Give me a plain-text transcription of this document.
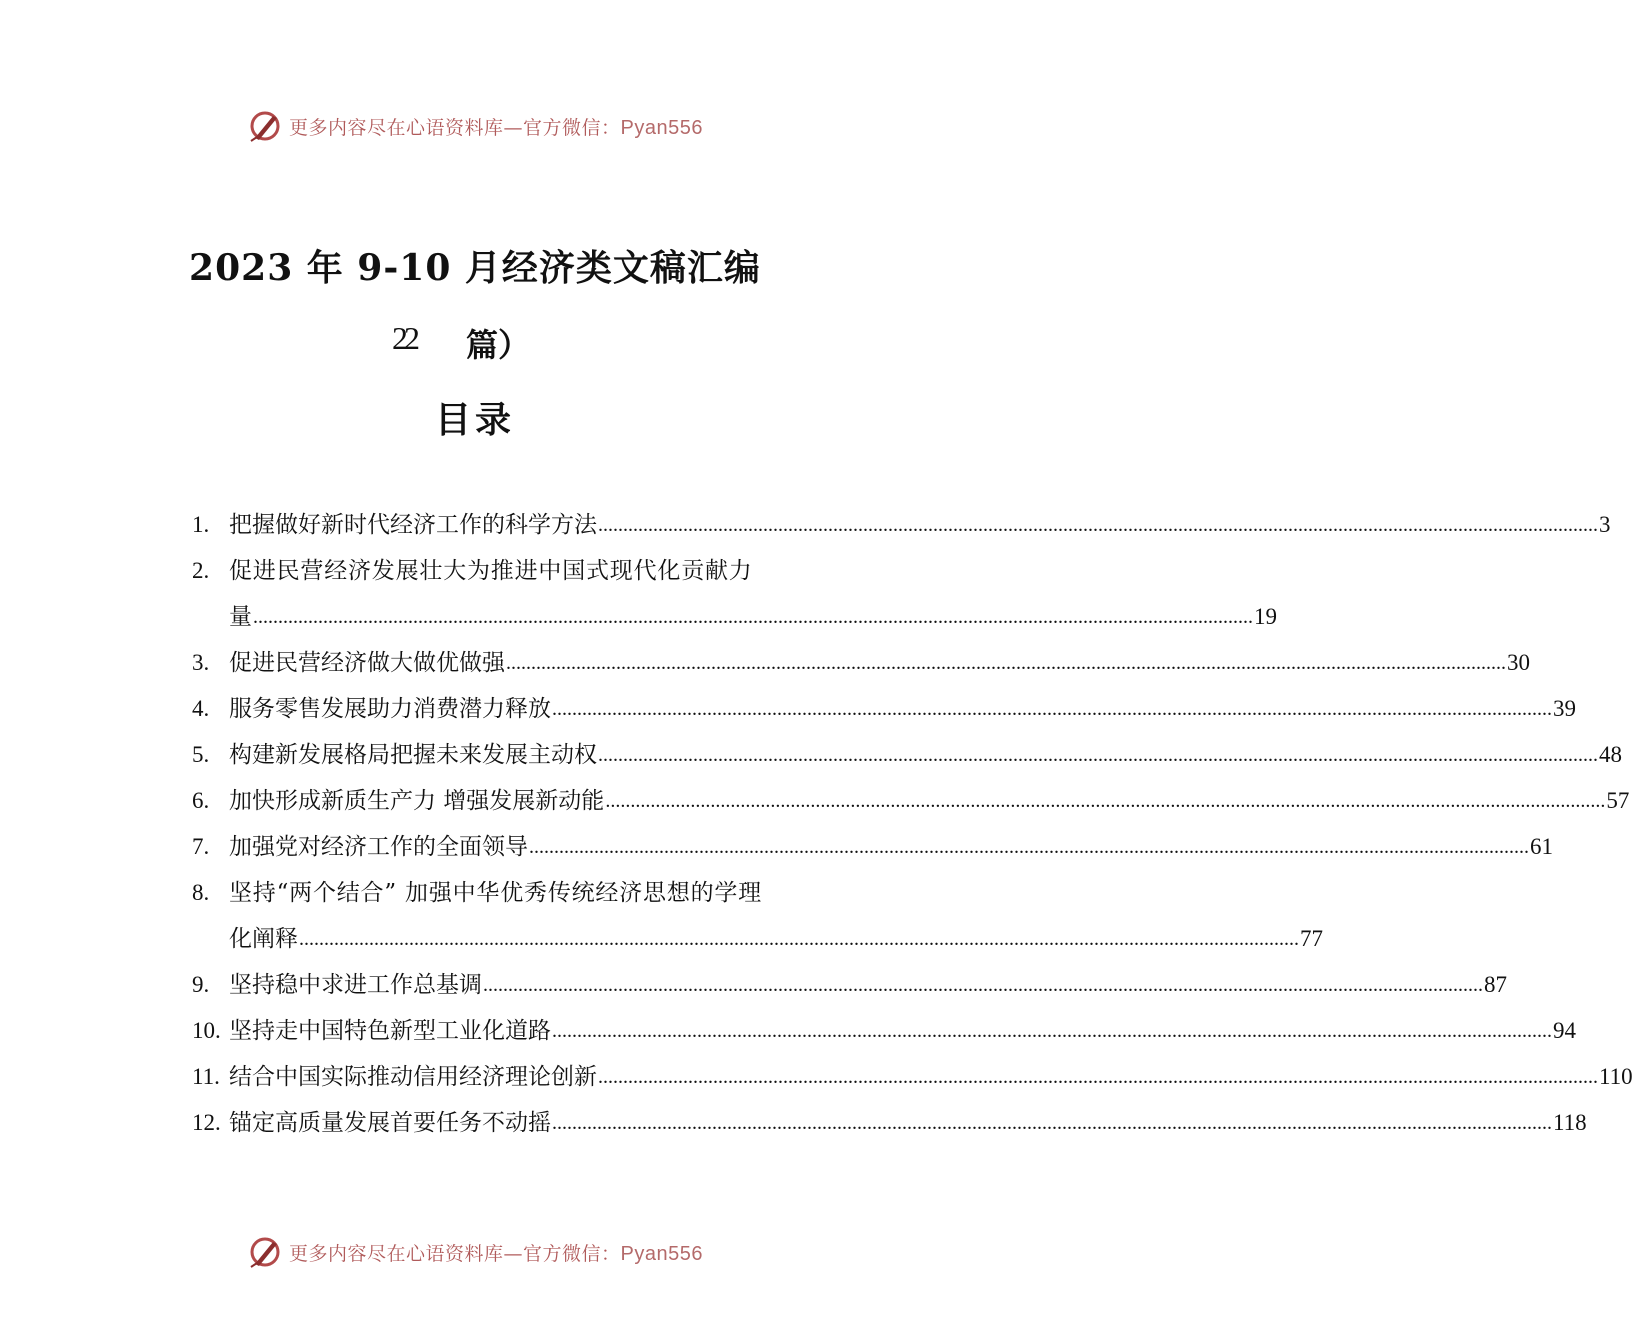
更多内容尽在心语资料库—官方微信：Pyan556
2023 年 9-10 月经济类文稿汇编
22 篇）
目录
1. 把握做好新时代经济工作的科学方法 ........................................................................................................................................................................................................ 3
2. 促进民营经济发展壮大为推进中国式现代化贡献力
量 ........................................................................................................................................................................................................ 19
3. 促进民营经济做大做优做强 ........................................................................................................................................................................................................ 30
4. 服务零售发展助力消费潜力释放 ........................................................................................................................................................................................................ 39
5. 构建新发展格局把握未来发展主动权 ........................................................................................................................................................................................................ 48
6. 加快形成新质生产力 增强发展新动能 ........................................................................................................................................................................................................ 57
7. 加强党对经济工作的全面领导 ........................................................................................................................................................................................................ 61
8. 坚持“两个结合” 加强中华优秀传统经济思想的学理
化阐释 ........................................................................................................................................................................................................ 77
9. 坚持稳中求进工作总基调 ........................................................................................................................................................................................................ 87
10. 坚持走中国特色新型工业化道路 ........................................................................................................................................................................................................ 94
11. 结合中国实际推动信用经济理论创新 ........................................................................................................................................................................................................ 110
12. 锚定高质量发展首要任务不动摇 ........................................................................................................................................................................................................ 118
更多内容尽在心语资料库—官方微信：Pyan556
